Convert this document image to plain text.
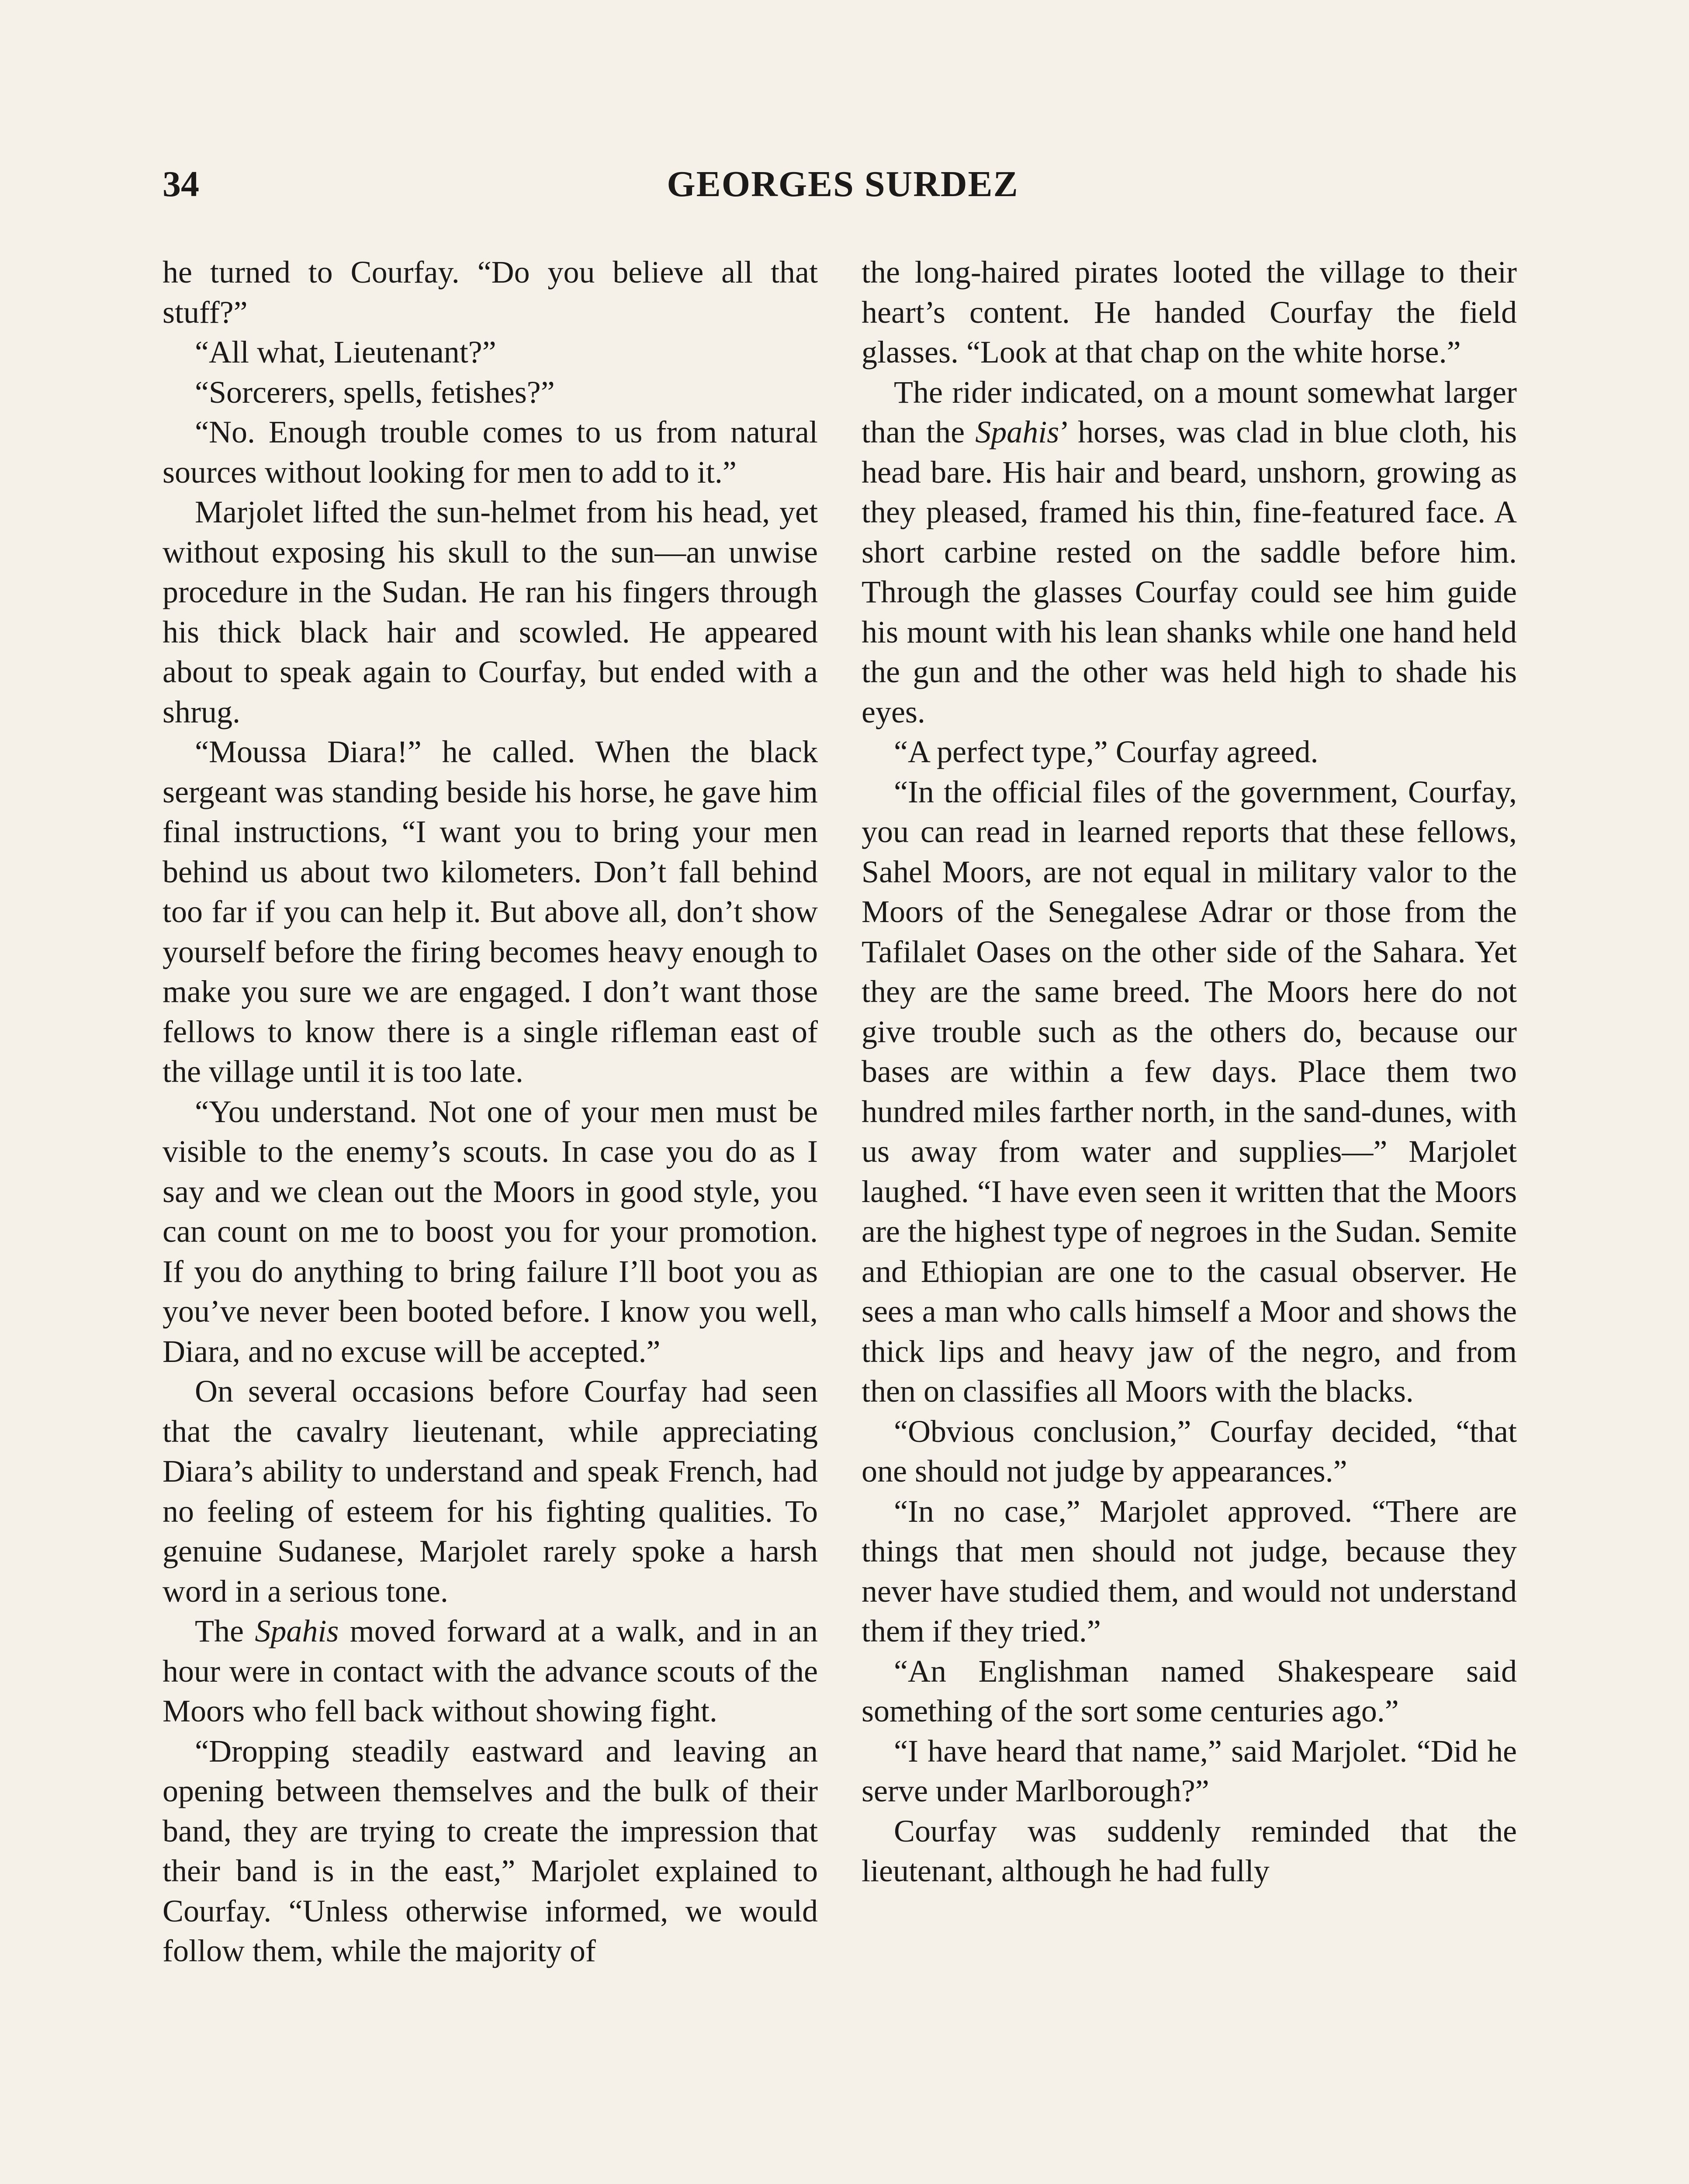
34	GEORGES SURDEZ

he turned to Courfay. “Do you believe all that stuff?”

“All what, Lieutenant?”

“Sorcerers, spells, fetishes?”

“No. Enough trouble comes to us from natural sources without looking for men to add to it.”

Marjolet lifted the sun-helmet from his head, yet without exposing his skull to the sun—an unwise procedure in the Sudan. He ran his fingers through his thick black hair and scowled. He appeared about to speak again to Courfay, but ended with a shrug.

“Moussa Diara!” he called. When the black sergeant was standing beside his horse, he gave him final instructions, “I want you to bring your men behind us about two kilometers. Don’t fall behind too far if you can help it. But above all, don’t show yourself before the firing becomes heavy enough to make you sure we are engaged. I don’t want those fellows to know there is a single rifleman east of the village until it is too late.

“You understand. Not one of your men must be visible to the enemy’s scouts. In case you do as I say and we clean out the Moors in good style, you can count on me to boost you for your promotion. If you do anything to bring failure I’ll boot you as you’ve never been booted before. I know you well, Diara, and no excuse will be accepted.”

On several occasions before Courfay had seen that the cavalry lieutenant, while appreciating Diara’s ability to understand and speak French, had no feeling of esteem for his fighting qualities. To genuine Sudanese, Marjolet rarely spoke a harsh word in a serious tone.

The Spahis moved forward at a walk, and in an hour were in contact with the advance scouts of the Moors who fell back without showing fight.

“Dropping steadily eastward and leaving an opening between themselves and the bulk of their band, they are trying to create the impression that their band is in the east,” Marjolet explained to Courfay. “Unless otherwise informed, we would follow them, while the majority of

the long-haired pirates looted the village to their heart’s content. He handed Courfay the field glasses. “Look at that chap on the white horse.”

The rider indicated, on a mount somewhat larger than the Spahis’ horses, was clad in blue cloth, his head bare. His hair and beard, unshorn, growing as they pleased, framed his thin, fine-featured face. A short carbine rested on the saddle before him. Through the glasses Courfay could see him guide his mount with his lean shanks while one hand held the gun and the other was held high to shade his eyes.

“A perfect type,” Courfay agreed.

“In the official files of the government, Courfay, you can read in learned reports that these fellows, Sahel Moors, are not equal in military valor to the Moors of the Senegalese Adrar or those from the Tafilalet Oases on the other side of the Sahara. Yet they are the same breed. The Moors here do not give trouble such as the others do, because our bases are within a few days. Place them two hundred miles farther north, in the sand-dunes, with us away from water and supplies—” Marjolet laughed. “I have even seen it written that the Moors are the highest type of negroes in the Sudan. Semite and Ethiopian are one to the casual observer. He sees a man who calls himself a Moor and shows the thick lips and heavy jaw of the negro, and from then on classifies all Moors with the blacks.

“Obvious conclusion,” Courfay decided, “that one should not judge by appearances.”

“In no case,” Marjolet approved. “There are things that men should not judge, because they never have studied them, and would not understand them if they tried.”

“An Englishman named Shakespeare said something of the sort some centuries ago.”

“I have heard that name,” said Marjolet. “Did he serve under Marlborough?”

Courfay was suddenly reminded that the lieutenant, although he had fully
